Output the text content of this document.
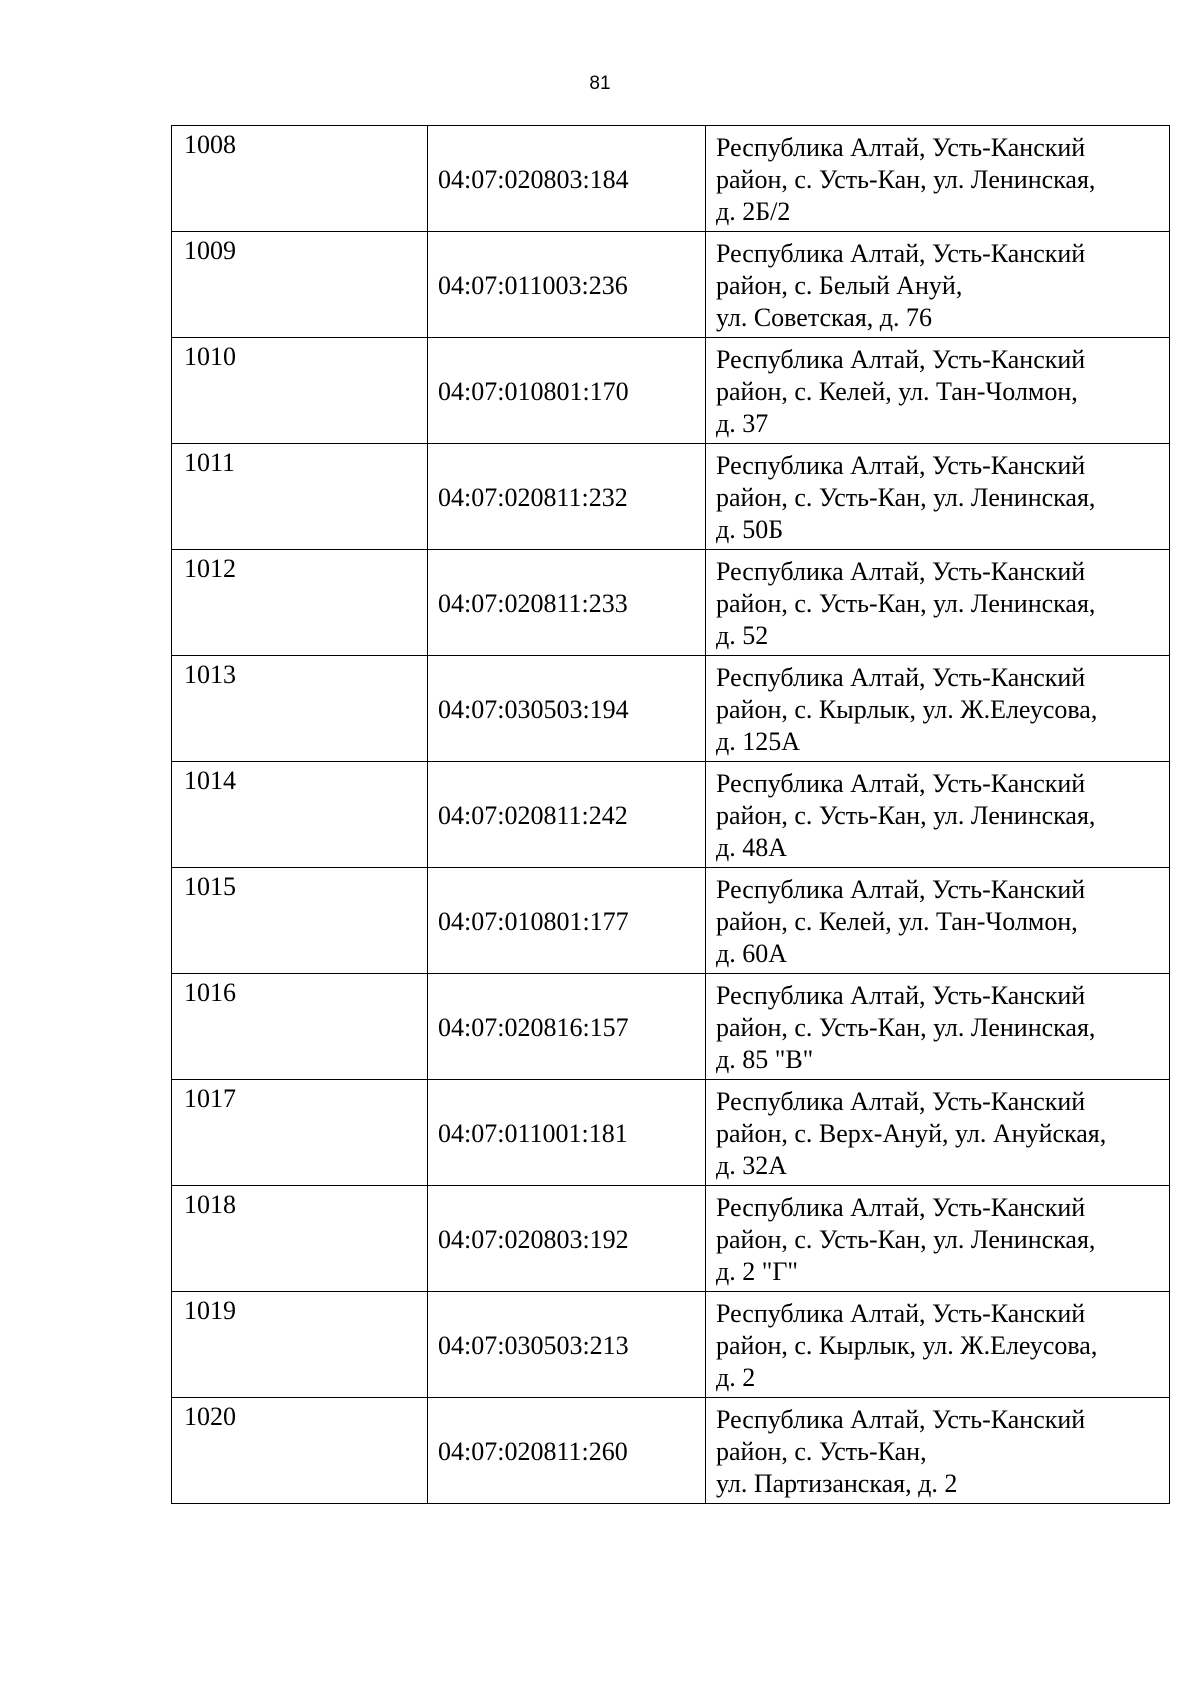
81
1008	04:07:020803:184	Республика Алтай, Усть-Канский
район, с. Усть-Кан, ул. Ленинская,
д. 2Б/2

1009	04:07:011003:236	Республика Алтай, Усть-Канский
район, с. Белый Ануй,
ул. Советская, д. 76

1010	04:07:010801:170	Республика Алтай, Усть-Канский
район, с. Келей, ул. Тан-Чолмон,
д. 37

1011	04:07:020811:232	Республика Алтай, Усть-Канский
район, с. Усть-Кан, ул. Ленинская,
д. 50Б

1012	04:07:020811:233	Республика Алтай, Усть-Канский
район, с. Усть-Кан, ул. Ленинская,
д. 52

1013	04:07:030503:194	Республика Алтай, Усть-Канский
район, с. Кырлык, ул. Ж.Елеусова,
д. 125А

1014	04:07:020811:242	Республика Алтай, Усть-Канский
район, с. Усть-Кан, ул. Ленинская,
д. 48А

1015	04:07:010801:177	Республика Алтай, Усть-Канский
район, с. Келей, ул. Тан-Чолмон,
д. 60А

1016	04:07:020816:157	Республика Алтай, Усть-Канский
район, с. Усть-Кан, ул. Ленинская,
д. 85 "В"

1017	04:07:011001:181	Республика Алтай, Усть-Канский
район, с. Верх-Ануй, ул. Ануйская,
д. 32А

1018	04:07:020803:192	Республика Алтай, Усть-Канский
район, с. Усть-Кан, ул. Ленинская,
д. 2 "Г"

1019	04:07:030503:213	Республика Алтай, Усть-Канский
район, с. Кырлык, ул. Ж.Елеусова,
д. 2

1020	04:07:020811:260	Республика Алтай, Усть-Канский
район, с. Усть-Кан,
ул. Партизанская, д. 2
